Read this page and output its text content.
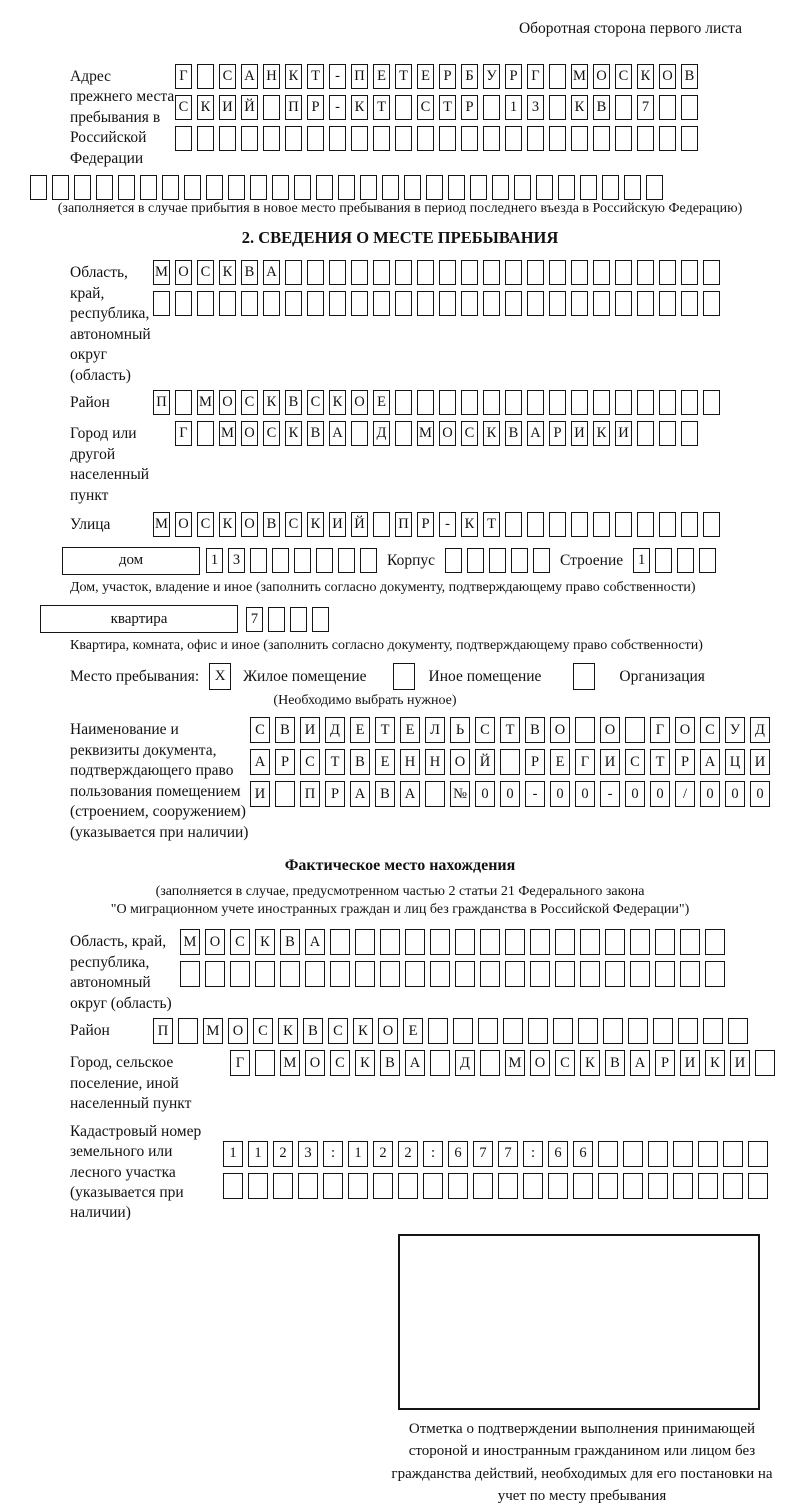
Оборотная сторона первого листа
Адрес прежнего места пребывания в Российской Федерации
Г С А Н К Т	- П Е Т Е Р Б У Р Г М О С К О В
С К И Й П Р	-	К Т С Т Р	1	3	К В	7
(заполняется в случае прибытия в новое место пребывания в период последнего въезда в Российскую Федерацию)
2. СВЕДЕНИЯ О МЕСТЕ ПРЕБЫВАНИЯ
Область, край, республика, автономный округ (область)
М О С К В А
Район	П М О С К В С К О Е
Город или другой населенный пункт
Г М О С К В А Д М О С К В А Р И К И
Улица	М О С К О В С К И Й П Р	-	К Т
дом	1	3	Корпус	Строение	1
Дом, участок, владение и иное (заполнить согласно документу, подтверждающему право собственности)
квартира	7
Квартира, комната, офис и иное (заполнить согласно документу, подтверждающему право собственности)
Место пребывания:	X	Жилое помещение	Иное помещение	Организация
(Необходимо выбрать нужное)
Наименование и реквизиты документа, подтверждающего право пользования помещением (строением, сооружением) (указывается при наличии)
С	В	И	Д	Е	Т	Е	Л	Ь	С	Т	В	О	О	Г	О	С	У	Д
А	Р	С	Т	В	Е	Н	Н	О	Й	Р	Е	Г	И	С	Т	Р	А	Ц	И
И	П	Р	А	В	А	№ 0	0	-	0	0	-	0	0	/	0	0	0
Фактическое место нахождения
(заполняется в случае, предусмотренном частью 2 статьи 21 Федерального закона
"О миграционном учете иностранных граждан и лиц без гражданства в Российской Федерации")
Область, край, республика, автономный округ (область)
М О	С	К	В	А
Район	П	М О	С	К	В	С	К	О	Е
Город, сельское поселение, иной населенный пункт
Г	М О	С	К	В	А	Д	М О	С	К	В	А	Р	И	К	И
Кадастровый номер земельного или лесного участка (указывается при наличии)
1	1	2	3	:	1	2	2	:	6	7	7	:	6	6
Отметка о подтверждении выполнения принимающей стороной и иностранным гражданином или лицом без гражданства действий, необходимых для его постановки на учет по месту пребывания
